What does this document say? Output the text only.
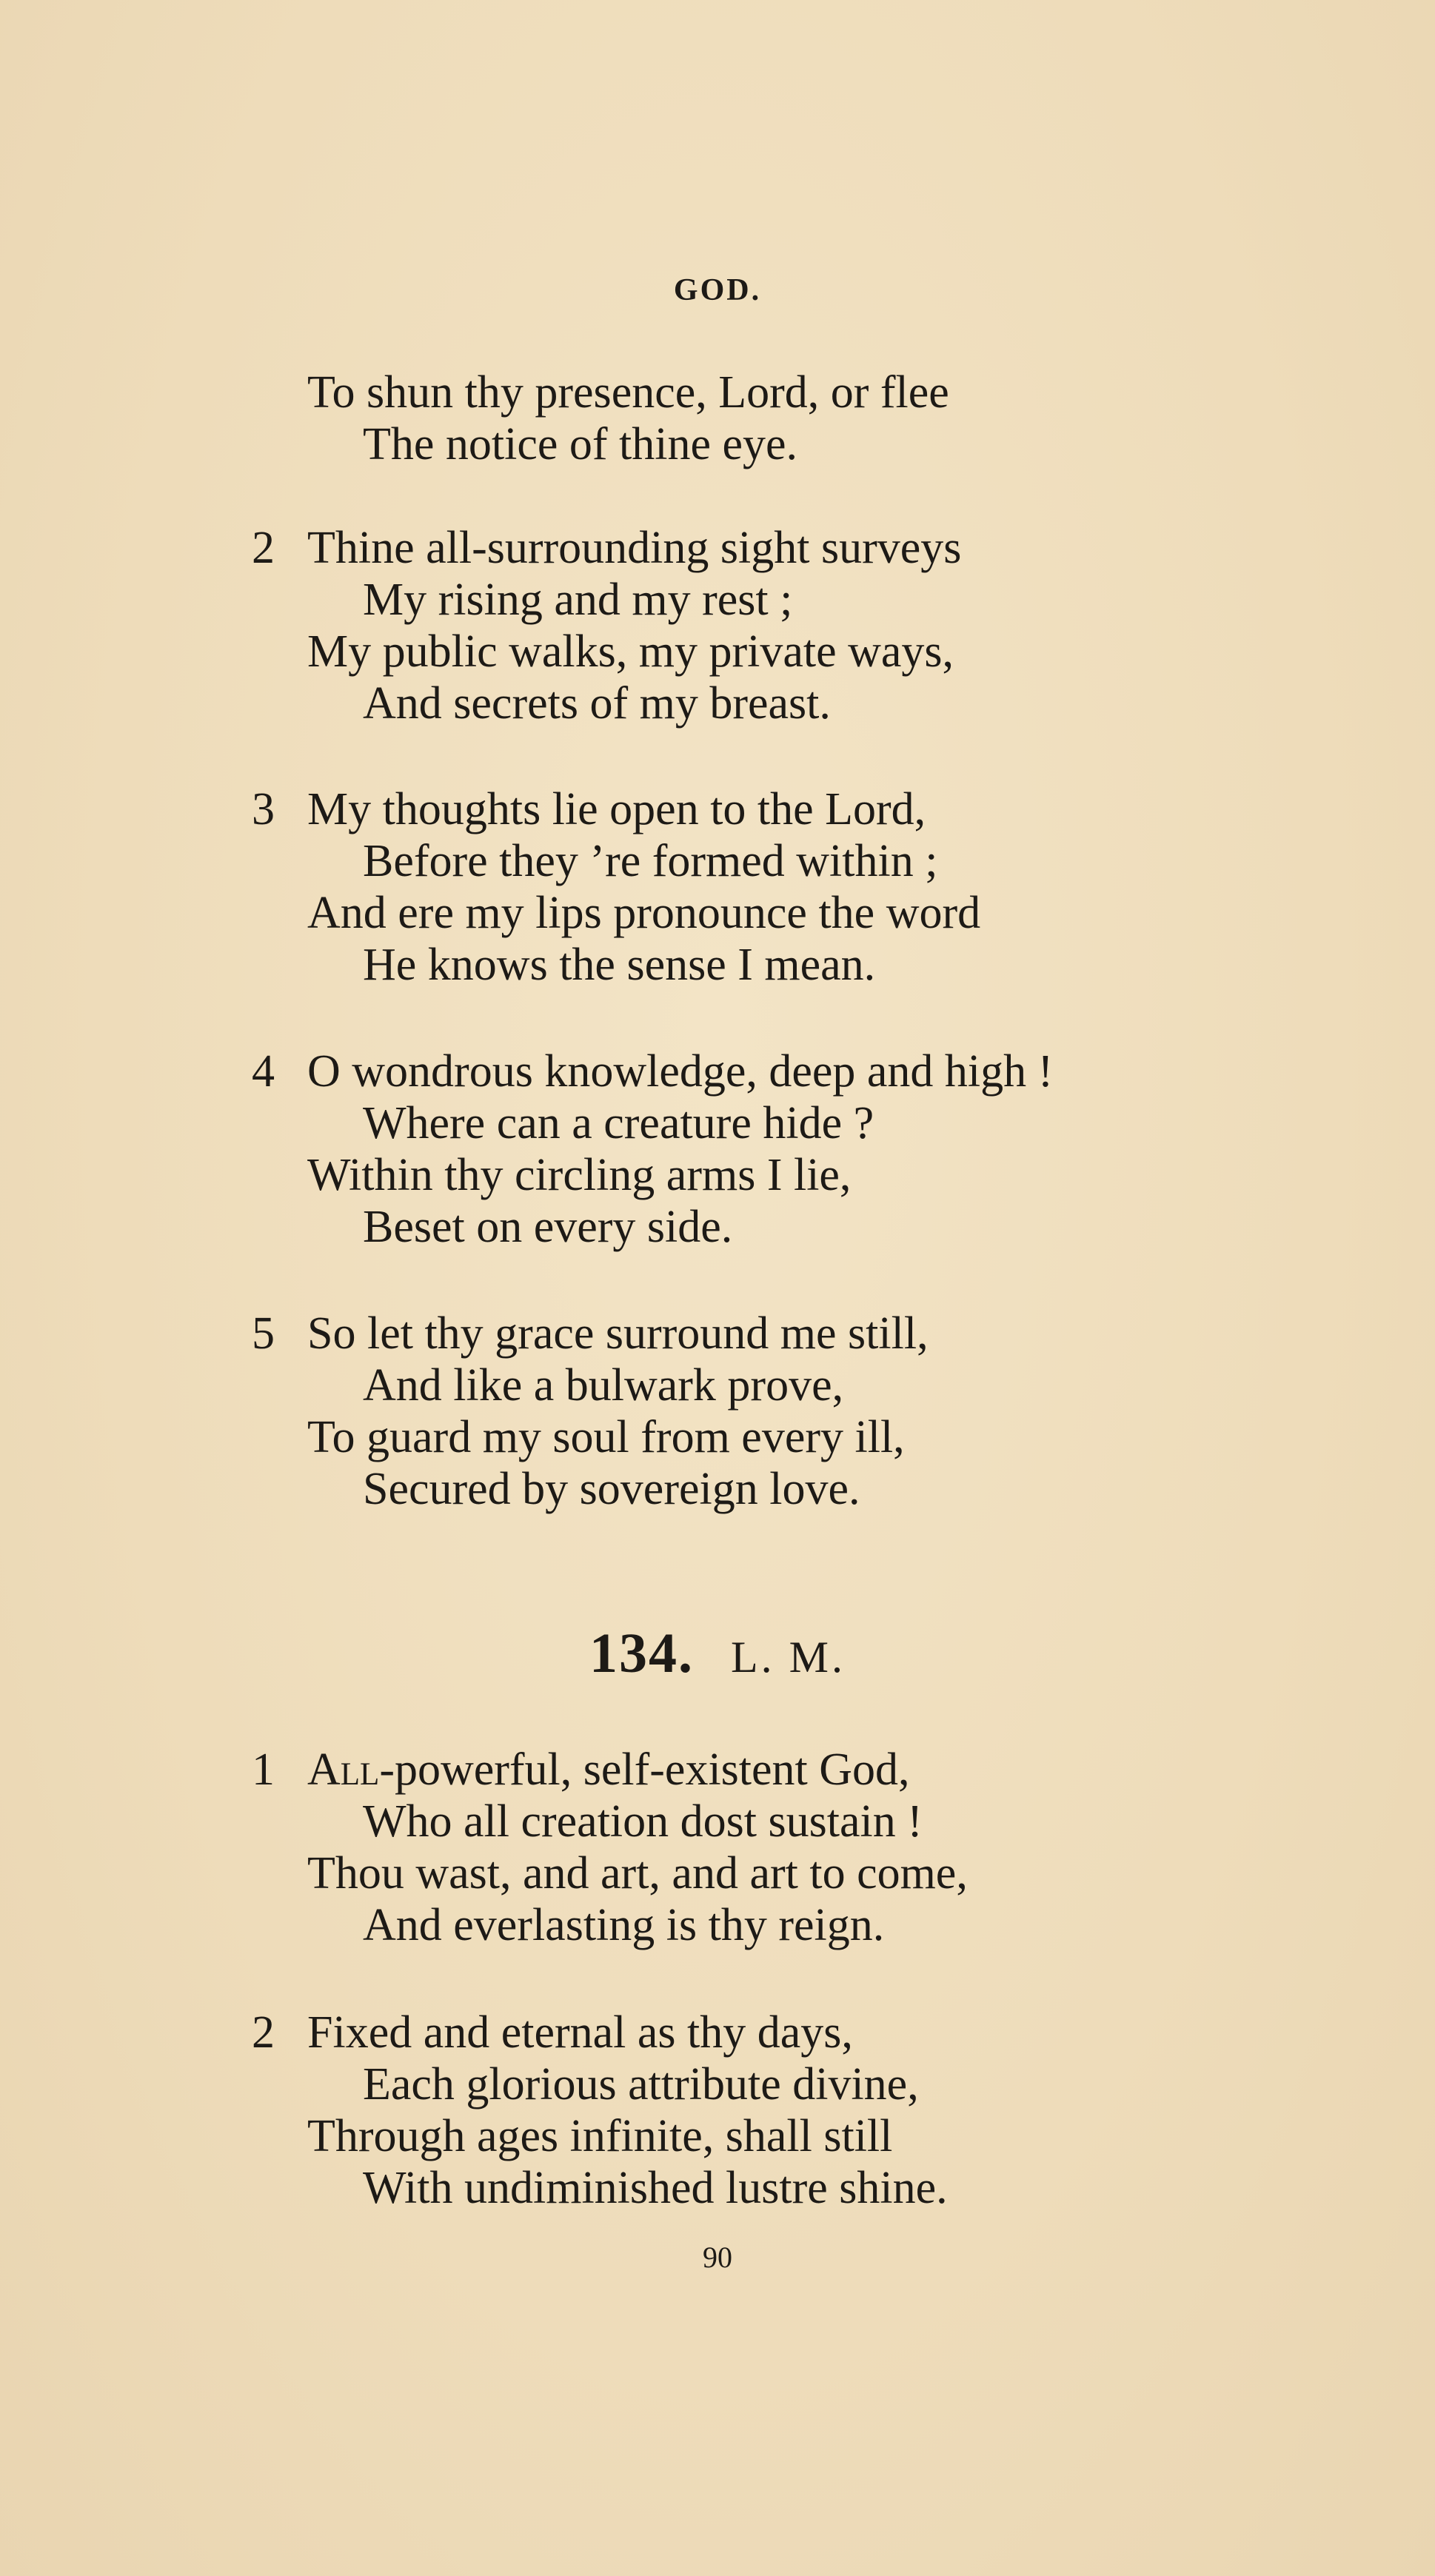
GOD.
To shun thy presence, Lord, or flee
The notice of thine eye.
2 Thine all-surrounding sight surveys
My rising and my rest ;
My public walks, my private ways,
And secrets of my breast.
3 My thoughts lie open to the Lord,
Before they ’re formed within ;
And ere my lips pronounce the word
He knows the sense I mean.
4 O wondrous knowledge, deep and high !
Where can a creature hide ?
Within thy circling arms I lie,
Beset on every side.
5 So let thy grace surround me still,
And like a bulwark prove,
To guard my soul from every ill,
Secured by sovereign love.
134. L. M.
1 All-powerful, self-existent God,
Who all creation dost sustain !
Thou wast, and art, and art to come,
And everlasting is thy reign.
2 Fixed and eternal as thy days,
Each glorious attribute divine,
Through ages infinite, shall still
With undiminished lustre shine.
90
